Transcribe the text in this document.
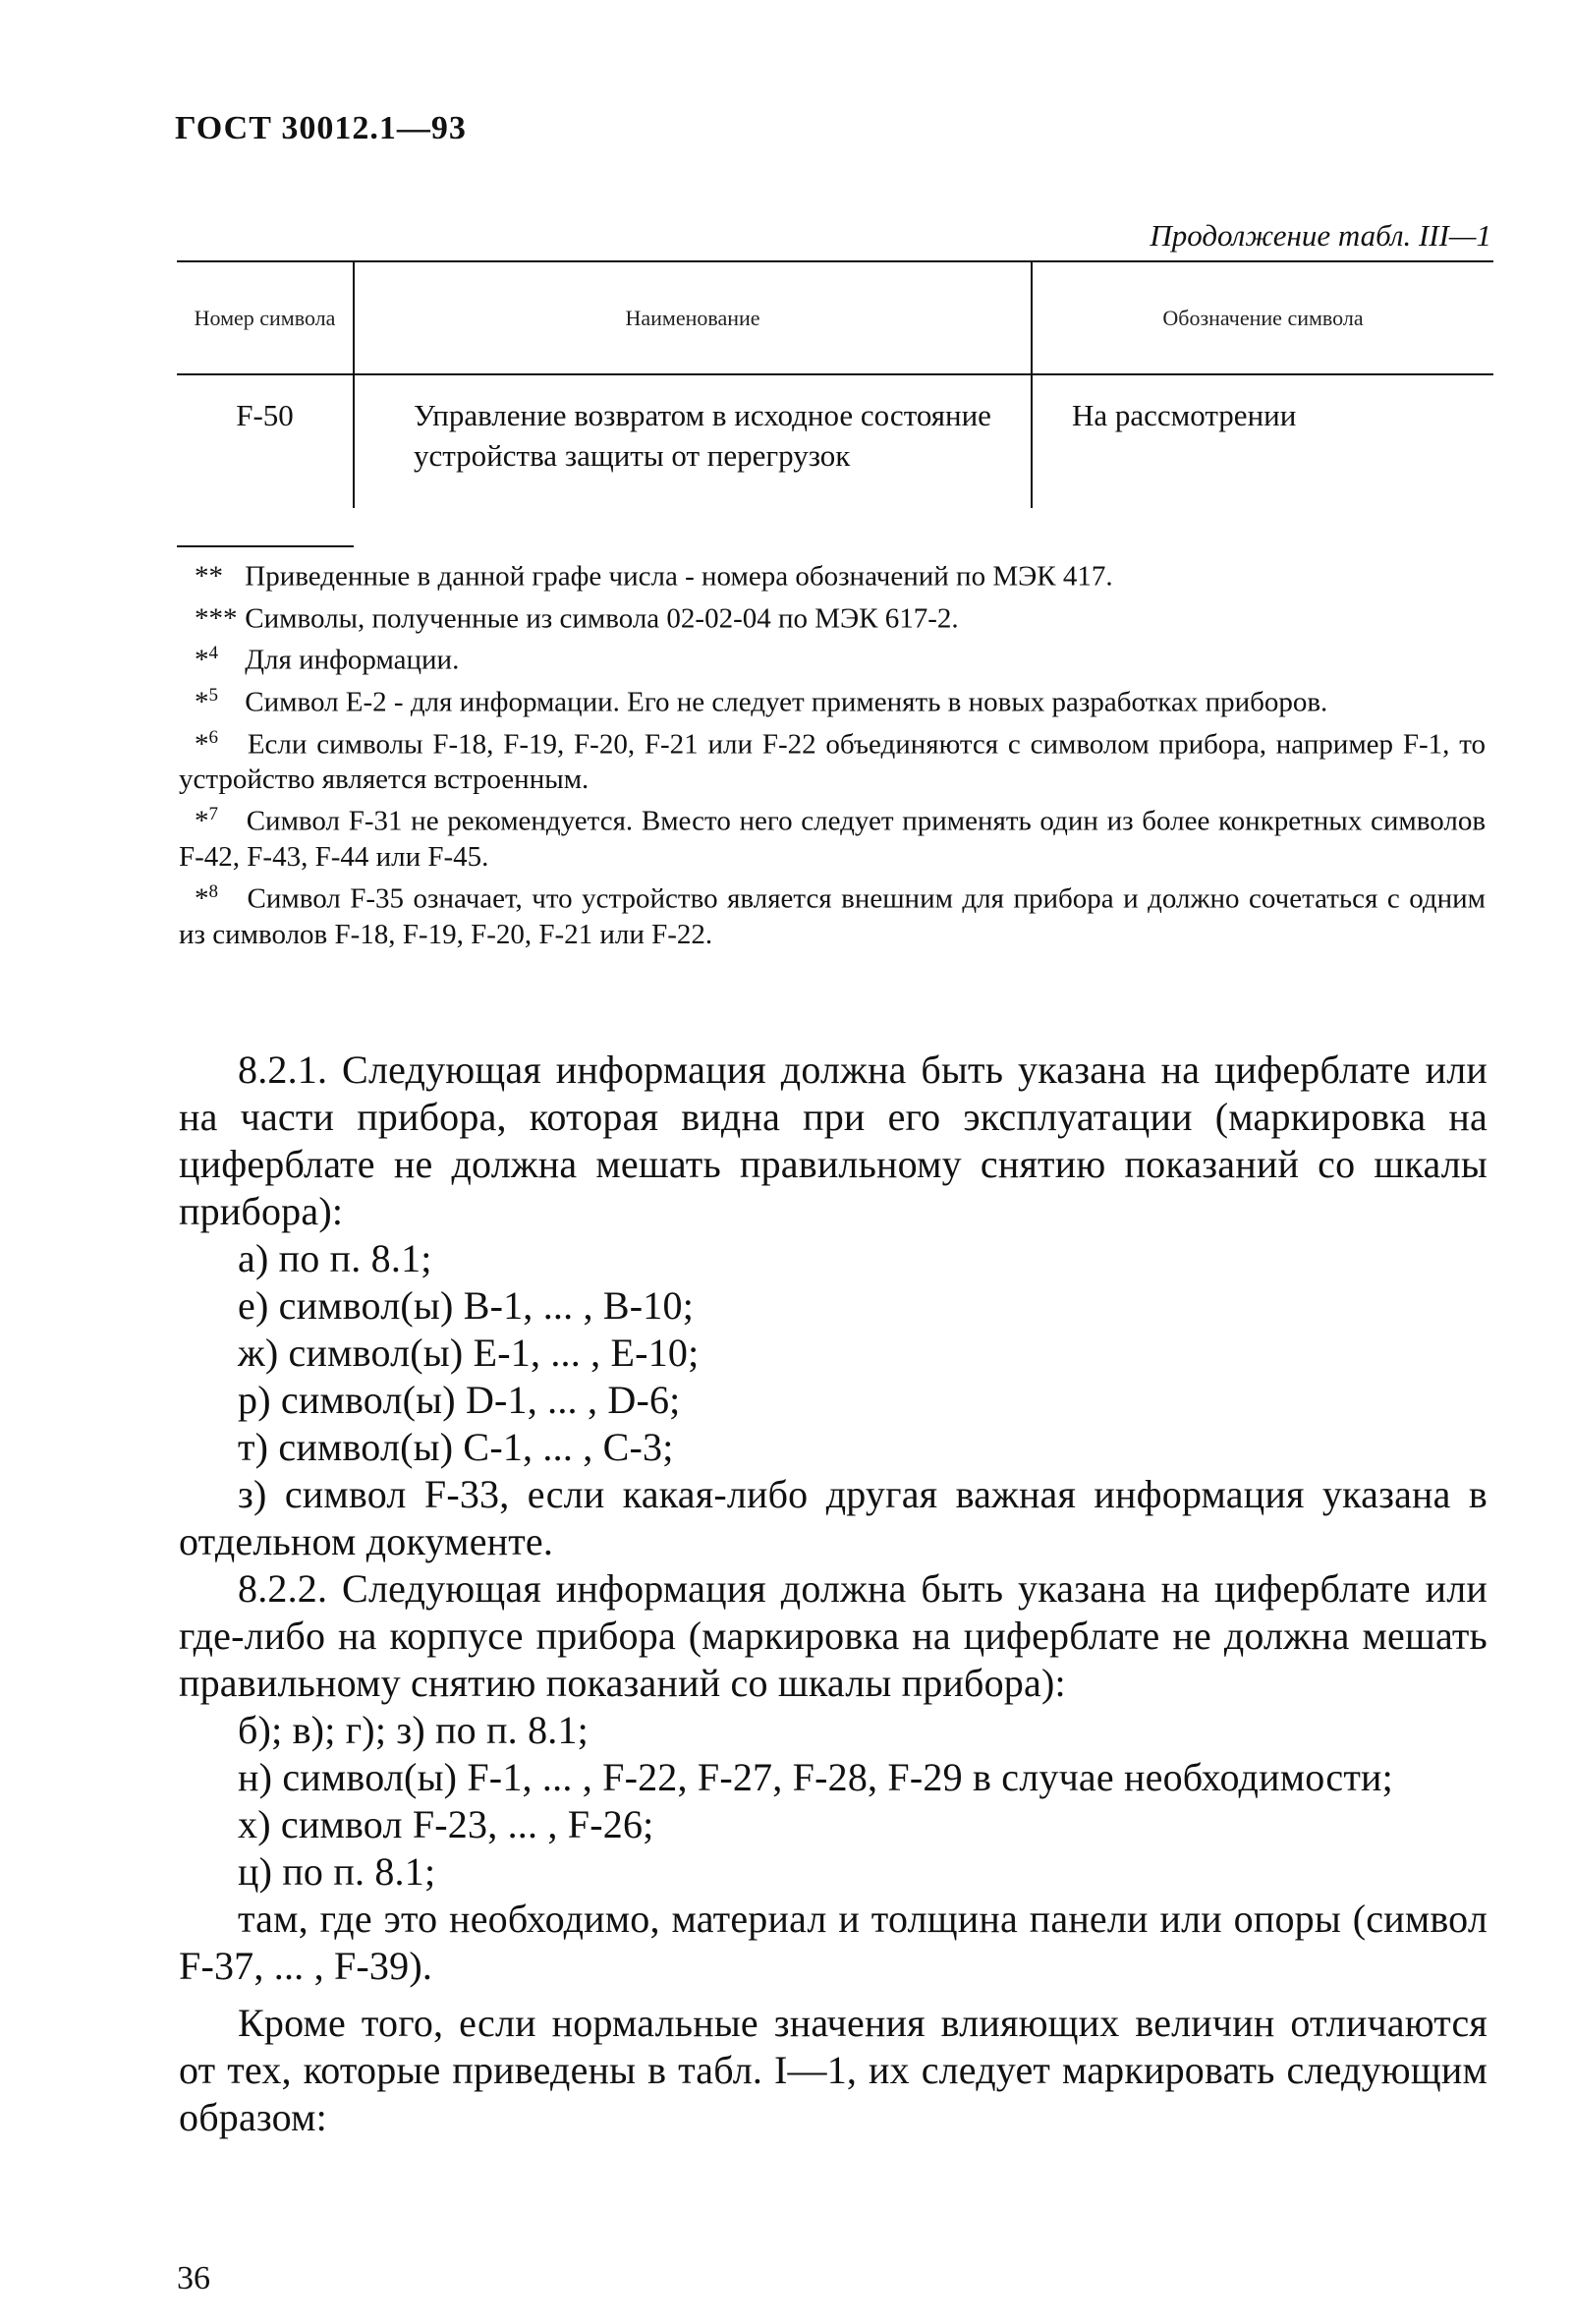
ГОСТ 30012.1—93
Продолжение табл. III—1
Номер символа	Наименование	Обозначение символа
F-50	Управление возвратом в исходное состояние устройства защиты от перегрузок	На рассмотрении

** Приведенные в данной графе числа - номера обозначений по МЭК 417.

*** Символы, полученные из символа 02-02-04 по МЭК 617-2.

*$^4$ Для информации.

*$^5$ Символ Е-2 - для информации. Его не следует применять в новых разработках приборов.

*$^6$ Если символы F-18, F-19, F-20, F-21 или F-22 объединяются с символом прибора, например F-1, то устройство является встроенным.

*$^7$ Символ F-31 не рекомендуется. Вместо него следует применять один из более конкретных символов F-42, F-43, F-44 или F-45.

*$^8$ Символ F-35 означает, что устройство является внешним для прибора и должно сочетаться с одним из символов F-18, F-19, F-20, F-21 или F-22.

8.2.1. Следующая информация должна быть указана на циферблате или на части прибора, которая видна при его эксплуатации (маркировка на циферблате не должна мешать правильному снятию показаний со шкалы прибора):

а) по п. 8.1;

е) символ(ы) В-1, ... , В-10;

ж) символ(ы) Е-1, ... , Е-10;

р) символ(ы) D-1, ... , D-6;

т) символ(ы) С-1, ... , С-3;

з) символ F-33, если какая-либо другая важная информация указана в отдельном документе.

8.2.2. Следующая информация должна быть указана на циферблате или где-либо на корпусе прибора (маркировка на циферблате не должна мешать правильному снятию показаний со шкалы прибора):

б); в); г); з) по п. 8.1;

н) символ(ы) F-1, ... , F-22, F-27, F-28, F-29 в случае необходимости;

х) символ F-23, ... , F-26;

ц) по п. 8.1;

там, где это необходимо, материал и толщина панели или опоры (символ F-37, ... , F-39).

Кроме того, если нормальные значения влияющих величин отличаются от тех, которые приведены в табл. I—1, их следует маркировать следующим образом:

36
